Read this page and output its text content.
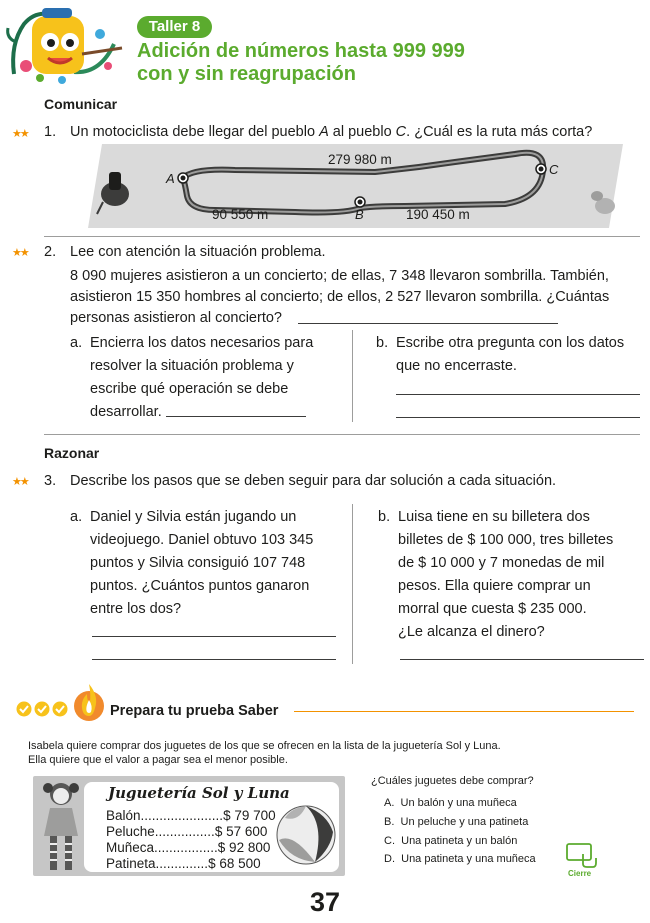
Taller 8
Adición de números hasta 999 999
con y sin reagrupación
Comunicar
★★ 1. Un motociclista debe llegar del pueblo A al pueblo C. ¿Cuál es la ruta más corta?
279 980 m
90 550 m	190 450 m
A
B
C
★★ 2. Lee con atención la situación problema.
8 090 mujeres asistieron a un concierto; de ellas, 7 348 llevaron sombrilla. También,
asistieron 15 350 hombres al concierto; de ellos, 2 527 llevaron sombrilla. ¿Cuántas
personas asistieron al concierto?
a. Encierra los datos necesarios para
resolver la situación problema y
escribe qué operación se debe
desarrollar.
b. Escribe otra pregunta con los datos
que no encerraste.
Razonar
★★ 3. Describe los pasos que se deben seguir para dar solución a cada situación.
a. Daniel y Silvia están jugando un
videojuego. Daniel obtuvo 103 345
puntos y Silvia consiguió 107 748
puntos. ¿Cuántos puntos ganaron
entre los dos?
b. Luisa tiene en su billetera dos
billetes de $ 100 000, tres billetes
de $ 10 000 y 7 monedas de mil
pesos. Ella quiere comprar un
morral que cuesta $ 235 000.
¿Le alcanza el dinero?
Prepara tu prueba Saber
Isabela quiere comprar dos juguetes de los que se ofrecen en la lista de la juguetería Sol y Luna.
Ella quiere que el valor a pagar sea el menor posible.
Juguetería Sol y Luna
Balón......................$ 79 700
Peluche................$ 57 600
Muñeca.................$ 92 800
Patineta..............$ 68 500
¿Cuáles juguetes debe comprar?
A. Un balón y una muñeca
B. Un peluche y una patineta
C. Una patineta y un balón
D. Una patineta y una muñeca
Cierre
37
